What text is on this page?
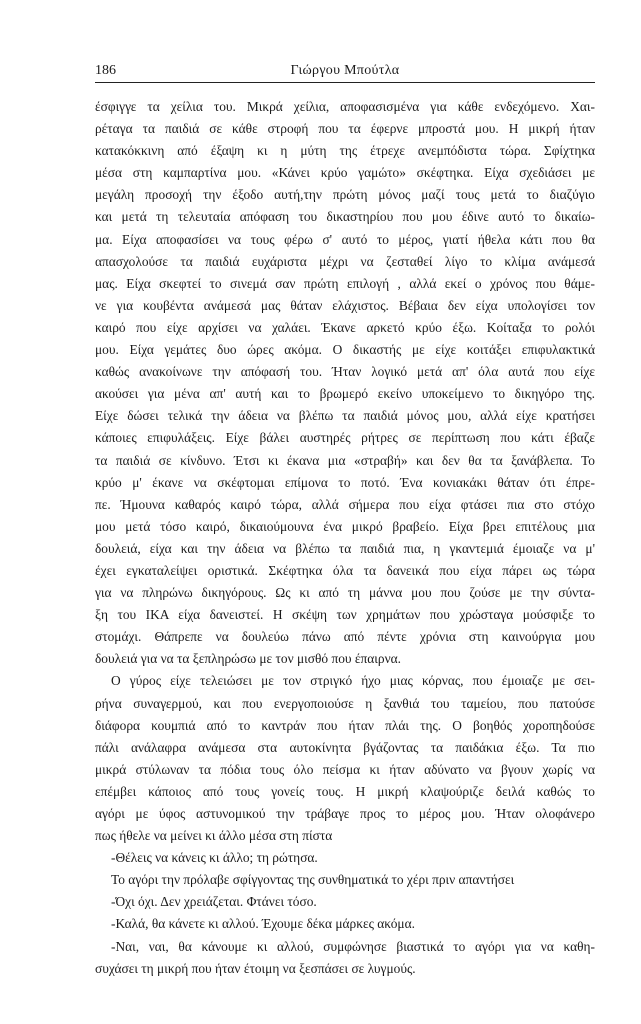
186	Γιώργου Μπούτλα
έσφιγγε τα χείλια του. Μικρά χείλια, αποφασισμένα για κάθε ενδεχόμενο. Χαι-
ρέταγα τα παιδιά σε κάθε στροφή που τα έφερνε μπροστά μου. Η μικρή ήταν
κατακόκκινη από έξαψη κι η μύτη της έτρεχε ανεμπόδιστα τώρα. Σφίχτηκα
μέσα στη καμπαρτίνα μου. «Κάνει κρύο γαμώτο» σκέφτηκα. Είχα σχεδιάσει με
μεγάλη προσοχή την έξοδο αυτή,την πρώτη μόνος μαζί τους μετά το διαζύγιο
και μετά τη τελευταία απόφαση του δικαστηρίου που μου έδινε αυτό το δικαίω-
μα. Είχα αποφασίσει να τους φέρω σ' αυτό το μέρος, γιατί ήθελα κάτι που θα
απασχολούσε τα παιδιά ευχάριστα μέχρι να ζεσταθεί λίγο το κλίμα ανάμεσά
μας. Είχα σκεφτεί το σινεμά σαν πρώτη επιλογή , αλλά εκεί ο χρόνος που θάμε-
νε για κουβέντα ανάμεσά μας θάταν ελάχιστος. Βέβαια δεν είχα υπολογίσει τον
καιρό που είχε αρχίσει να χαλάει. Έκανε αρκετό κρύο έξω. Κοίταξα το ρολόι
μου. Είχα γεμάτες δυο ώρες ακόμα. Ο δικαστής με είχε κοιτάξει επιφυλακτικά
καθώς ανακοίνωνε την απόφασή του. Ήταν λογικό μετά απ' όλα αυτά που είχε
ακούσει για μένα απ' αυτή και το βρωμερό εκείνο υποκείμενο το δικηγόρο της.
Είχε δώσει τελικά την άδεια να βλέπω τα παιδιά μόνος μου, αλλά είχε κρατήσει
κάποιες επιφυλάξεις. Είχε βάλει αυστηρές ρήτρες σε περίπτωση που κάτι έβαζε
τα παιδιά σε κίνδυνο. Έτσι κι έκανα μια «στραβή» και δεν θα τα ξανάβλεπα. Το
κρύο μ' έκανε να σκέφτομαι επίμονα το ποτό. Ένα κονιακάκι θάταν ότι έπρε-
πε. Ήμουνα καθαρός καιρό τώρα, αλλά σήμερα που είχα φτάσει πια στο στόχο
μου μετά τόσο καιρό, δικαιούμουνα ένα μικρό βραβείο. Είχα βρει επιτέλους μια
δουλειά, είχα και την άδεια να βλέπω τα παιδιά πια, η γκαντεμιά έμοιαζε να μ'
έχει εγκαταλείψει οριστικά. Σκέφτηκα όλα τα δανεικά που είχα πάρει ως τώρα
για να πληρώνω δικηγόρους. Ως κι από τη μάννα μου που ζούσε με την σύντα-
ξη του ΙΚΑ είχα δανειστεί. Η σκέψη των χρημάτων που χρώσταγα μούσφιξε το
στομάχι. Θάπρεπε να δουλεύω πάνω από πέντε χρόνια στη καινούργια μου
δουλειά για να τα ξεπληρώσω με τον μισθό που έπαιρνα.
Ο γύρος είχε τελειώσει με τον στριγκό ήχο μιας κόρνας, που έμοιαζε με σει-
ρήνα συναγερμού, και που ενεργοποιούσε η ξανθιά του ταμείου, που πατούσε
διάφορα κουμπιά από το καντράν που ήταν πλάι της. Ο βοηθός χοροπηδούσε
πάλι ανάλαφρα ανάμεσα στα αυτοκίνητα βγάζοντας τα παιδάκια έξω. Τα πιο
μικρά στύλωναν τα πόδια τους όλο πείσμα κι ήταν αδύνατο να βγουν χωρίς να
επέμβει κάποιος από τους γονείς τους. Η μικρή κλαψούριζε δειλά καθώς το
αγόρι με ύφος αστυνομικού την τράβαγε προς το μέρος μου. Ήταν ολοφάνερο
πως ήθελε να μείνει κι άλλο μέσα στη πίστα
-Θέλεις να κάνεις κι άλλο; τη ρώτησα.
Το αγόρι την πρόλαβε σφίγγοντας της συνθηματικά το χέρι πριν απαντήσει
-Όχι όχι. Δεν χρειάζεται. Φτάνει τόσο.
-Καλά, θα κάνετε κι αλλού. Έχουμε δέκα μάρκες ακόμα.
-Ναι, ναι, θα κάνουμε κι αλλού, συμφώνησε βιαστικά το αγόρι για να καθη-
συχάσει τη μικρή που ήταν έτοιμη να ξεσπάσει σε λυγμούς.
